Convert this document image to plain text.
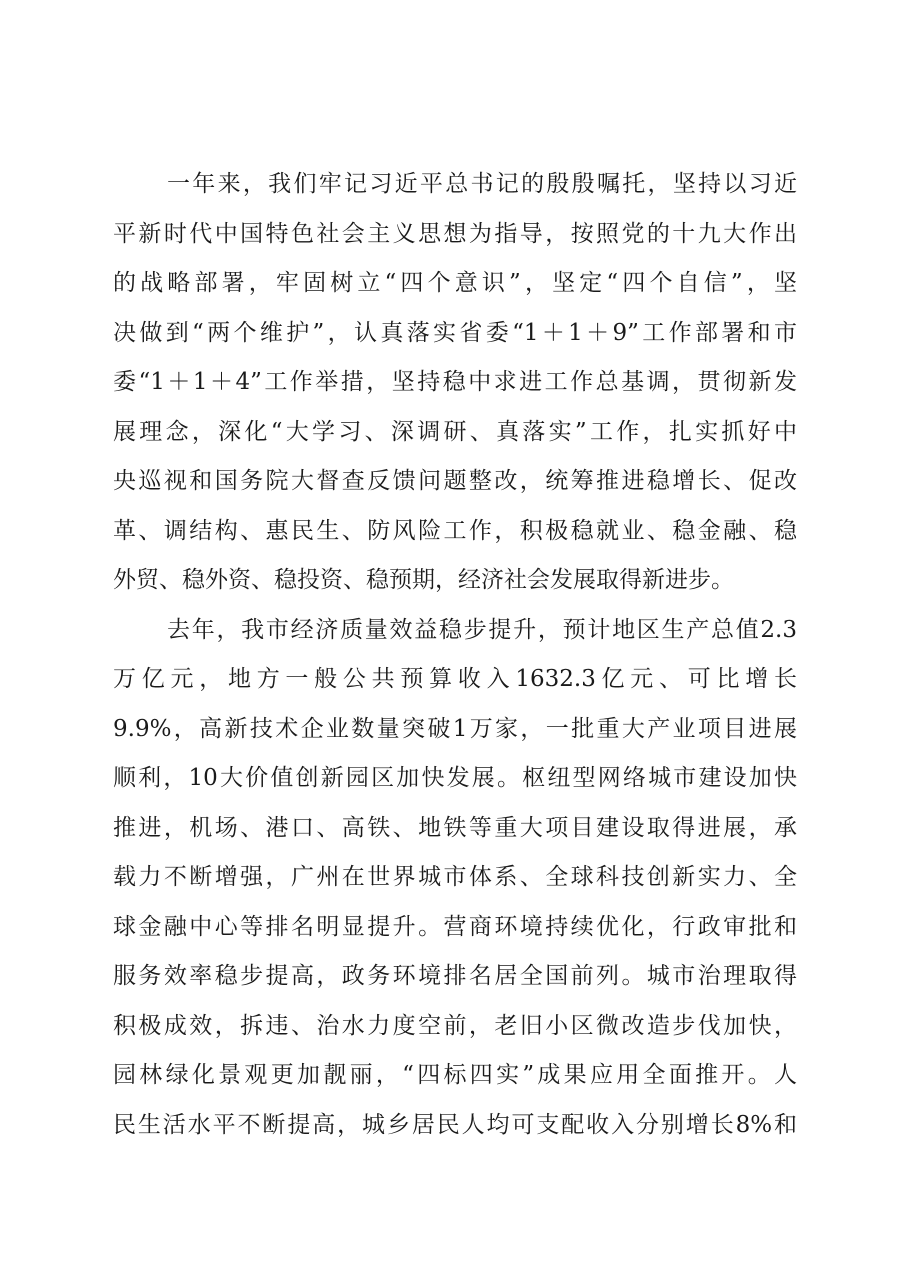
一年来，我们牢记习近平总书记的殷殷嘱托，坚持以习近
平新时代中国特色社会主义思想为指导，按照党的十九大作出
的战略部署，牢固树立“四个意识”，坚定“四个自信”，坚
决做到“两个维护”，认真落实省委“1＋1＋9”工作部署和市
委“1＋1＋4”工作举措，坚持稳中求进工作总基调，贯彻新发
展理念，深化“大学习、深调研、真落实”工作，扎实抓好中
央巡视和国务院大督查反馈问题整改，统筹推进稳增长、促改
革、调结构、惠民生、防风险工作，积极稳就业、稳金融、稳
外贸、稳外资、稳投资、稳预期，经济社会发展取得新进步。
去年，我市经济质量效益稳步提升，预计地区生产总值2.3
万亿元，地方一般公共预算收入1632.3亿元、可比增长
9.9%，高新技术企业数量突破1万家，一批重大产业项目进展
顺利，10大价值创新园区加快发展。枢纽型网络城市建设加快
推进，机场、港口、高铁、地铁等重大项目建设取得进展，承
载力不断增强，广州在世界城市体系、全球科技创新实力、全
球金融中心等排名明显提升。营商环境持续优化，行政审批和
服务效率稳步提高，政务环境排名居全国前列。城市治理取得
积极成效，拆违、治水力度空前，老旧小区微改造步伐加快，
园林绿化景观更加靓丽，“四标四实”成果应用全面推开。人
民生活水平不断提高，城乡居民人均可支配收入分别增长8%和
